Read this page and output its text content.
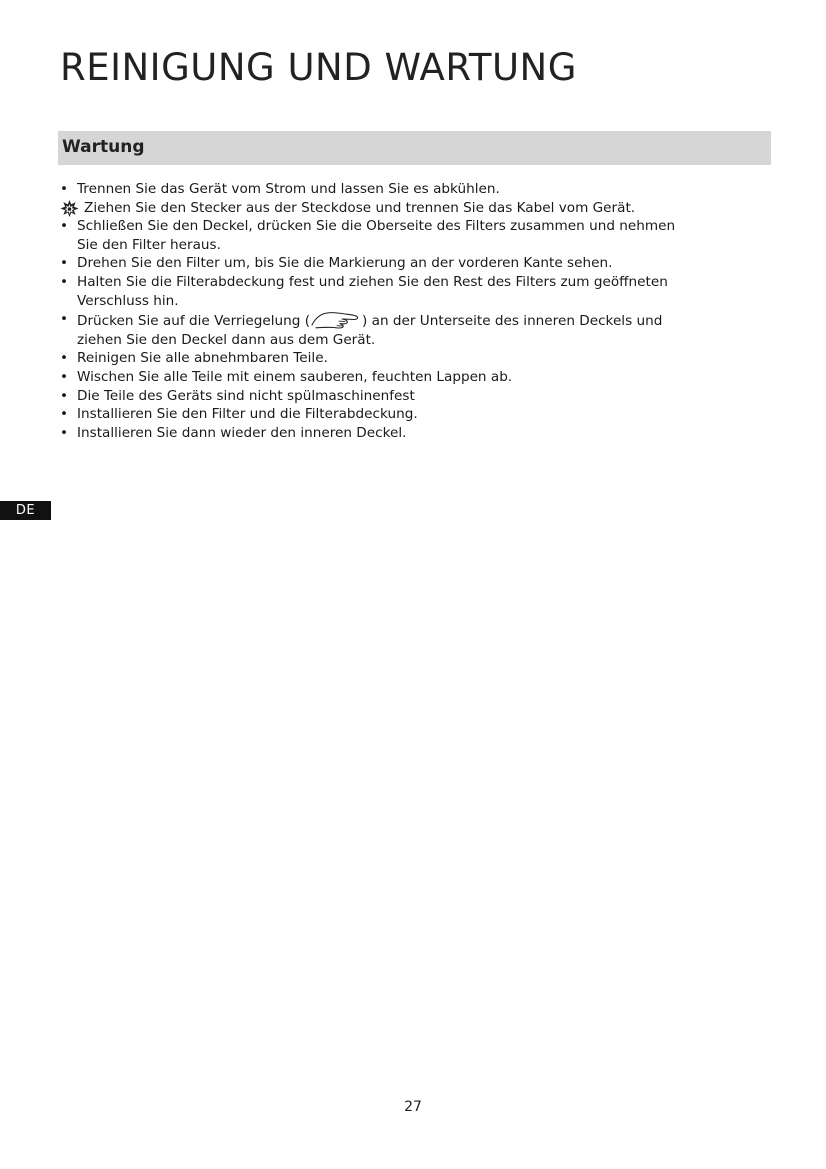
REINIGUNG UND WARTUNG
Wartung
• Trennen Sie das Gerät vom Strom und lassen Sie es abkühlen.
Ziehen Sie den Stecker aus der Steckdose und trennen Sie das Kabel vom Gerät.
• Schließen Sie den Deckel, drücken Sie die Oberseite des Filters zusammen und nehmen
Sie den Filter heraus.
• Drehen Sie den Filter um, bis Sie die Markierung an der vorderen Kante sehen.
• Halten Sie die Filterabdeckung fest und ziehen Sie den Rest des Filters zum geöffneten
Verschluss hin.
• Drücken Sie auf die Verriegelung (	) an der Unterseite des inneren Deckels und
ziehen Sie den Deckel dann aus dem Gerät.
• Reinigen Sie alle abnehmbaren Teile.
• Wischen Sie alle Teile mit einem sauberen, feuchten Lappen ab.
• Die Teile des Geräts sind nicht spülmaschinenfest
• Installieren Sie den Filter und die Filterabdeckung.
• Installieren Sie dann wieder den inneren Deckel.
DE
27
